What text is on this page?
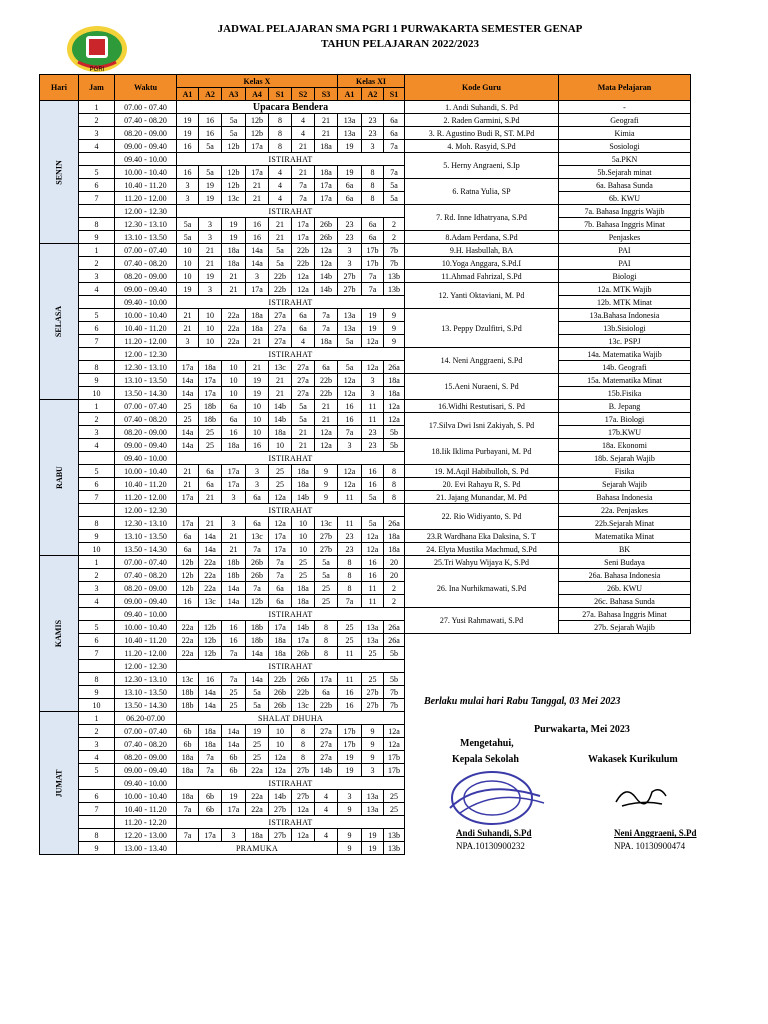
PGRI
JADWAL PELAJARAN SMA PGRI 1 PURWAKARTA SEMESTER GENAP
TAHUN PELAJARAN 2022/2023
Hari	Jam	Waktu	Kelas X							Kelas XI			Kode Guru	Mata Pelajaran
			A1	A2	A3	A4	S1	S2	S3	A1	A2	S1		
SENIN	1	07.00 - 07.40	Upacara Bendera										1. Andi Suhandi, S. Pd	-
	2	07.40 - 08.20	19	16	5a	12b	8	4	21	13a	23	6a	2. Raden Garmini, S.Pd	Geografi
	3	08.20 - 09.00	19	16	5a	12b	8	4	21	13a	23	6a	3. R. Agustino Budi R, ST. M.Pd	Kimia
	4	09.00 - 09.40	16	5a	12b	17a	8	21	18a	19	3	7a	4. Moh. Rasyid, S.Pd	Sosiologi
		09.40 - 10.00	ISTIRAHAT										5. Herny Angraeni, S.Ip	5a.PKN
	5	10.00 - 10.40	16	5a	12b	17a	4	21	18a	19	8	7a		5b.Sejarah minat
	6	10.40 - 11.20	3	19	12b	21	4	7a	17a	6a	8	5a	6. Ratna Yulia, SP	6a. Bahasa Sunda
	7	11.20 - 12.00	3	19	13c	21	4	7a	17a	6a	8	5a		6b. KWU
		12.00 - 12.30	ISTIRAHAT										7. Rd. Inne Idhatryana, S.Pd	7a. Bahasa Inggris Wajib
	8	12.30 - 13.10	5a	3	19	16	21	17a	26b	23	6a	2		7b. Bahasa Inggris Minat
	9	13.10 - 13.50	5a	3	19	16	21	17a	26b	23	6a	2	8.Adam Perdana, S.Pd	Penjaskes
SELASA	1	07.00 - 07.40	10	21	18a	14a	5a	22b	12a	3	17b	7b	9.H. Hasbullah, BA	PAI
	2	07.40 - 08.20	10	21	18a	14a	5a	22b	12a	3	17b	7b	10.Yoga Anggara, S.Pd.I	PAI
	3	08.20 - 09.00	10	19	21	3	22b	12a	14b	27b	7a	13b	11.Ahmad Fahrizal, S.Pd	Biologi
	4	09.00 - 09.40	19	3	21	17a	22b	12a	14b	27b	7a	13b	12. Yanti Oktaviani, M. Pd	12a. MTK Wajib
		09.40 - 10.00	ISTIRAHAT											12b. MTK Minat
	5	10.00 - 10.40	21	10	22a	18a	27a	6a	7a	13a	19	9	13. Peppy Dzulfitri, S.Pd	13a.Bahasa Indonesia
	6	10.40 - 11.20	21	10	22a	18a	27a	6a	7a	13a	19	9		13b.Sisiologi
	7	11.20 - 12.00	3	10	22a	21	27a	4	18a	5a	12a	9		13c. PSPJ
		12.00 - 12.30	ISTIRAHAT										14. Neni Anggraeni, S.Pd	14a. Matematika Wajib
	8	12.30 - 13.10	17a	18a	10	21	13c	27a	6a	5a	12a	26a		14b. Geografi
	9	13.10 - 13.50	14a	17a	10	19	21	27a	22b	12a	3	18a	15.Aeni Nuraeni, S. Pd	15a. Matematika Minat
	10	13.50 - 14.30	14a	17a	10	19	21	27a	22b	12a	3	18a		15b.Fisika
RABU	1	07.00 - 07.40	25	18b	6a	10	14b	5a	21	16	11	12a	16.Widhi Restutisari, S. Pd	B. Jepang
	2	07.40 - 08.20	25	18b	6a	10	14b	5a	21	16	11	12a	17.Silva Dwi Isni Zakiyah, S. Pd	17a. Biologi
	3	08.20 - 09.00	14a	25	16	10	18a	21	12a	7a	23	5b		17b.KWU
	4	09.00 - 09.40	14a	25	18a	16	10	21	12a	3	23	5b	18.Iik Iklima Purbayani, M. Pd	18a. Ekonomi
		09.40 - 10.00	ISTIRAHAT											18b. Sejarah Wajib
	5	10.00 - 10.40	21	6a	17a	3	25	18a	9	12a	16	8	19. M.Aqil Habibulloh, S. Pd	Fisika
	6	10.40 - 11.20	21	6a	17a	3	25	18a	9	12a	16	8	20. Evi Rahayu R, S. Pd	Sejarah Wajib
	7	11.20 - 12.00	17a	21	3	6a	12a	14b	9	11	5a	8	21. Jajang Munandar, M. Pd	Bahasa Indonesia
		12.00 - 12.30	ISTIRAHAT										22. Rio Widiyanto, S. Pd	22a. Penjaskes
	8	12.30 - 13.10	17a	21	3	6a	12a	10	13c	11	5a	26a		22b.Sejarah Minat
	9	13.10 - 13.50	6a	14a	21	13c	17a	10	27b	23	12a	18a	23.R Wardhana Eka Daksina, S. T	Matematika Minat
	10	13.50 - 14.30	6a	14a	21	7a	17a	10	27b	23	12a	18a	24. Elyta Mustika Machmud, S.Pd	BK
KAMIS	1	07.00 - 07.40	12b	22a	18b	26b	7a	25	5a	8	16	20	25.Tri Wahyu Wijaya K, S.Pd	Seni Budaya
	2	07.40 - 08.20	12b	22a	18b	26b	7a	25	5a	8	16	20	26. Ina Nurhikmawati, S.Pd	26a. Bahasa Indonesia
	3	08.20 - 09.00	12b	22a	14a	7a	6a	18a	25	8	11	2		26b. KWU
	4	09.00 - 09.40	16	13c	14a	12b	6a	18a	25	7a	11	2		26c. Bahasa Sunda
		09.40 - 10.00	ISTIRAHAT										27. Yusi Rahmawati, S.Pd	27a. Bahasa Inggris Minat
	5	10.00 - 10.40	22a	12b	16	18b	17a	14b	8	25	13a	26a		27b. Sejarah Wajib
	6	10.40 - 11.20	22a	12b	16	18b	18a	17a	8	25	13a	26a		
	7	11.20 - 12.00	22a	12b	7a	14a	18a	26b	8	11	25	5b		
		12.00 - 12.30	ISTIRAHAT											
	8	12.30 - 13.10	13c	16	7a	14a	22b	26b	17a	11	25	5b		
	9	13.10 - 13.50	18b	14a	25	5a	26b	22b	6a	16	27b	7b		
	10	13.50 - 14.30	18b	14a	25	5a	26b	13c	22b	16	27b	7b		
JUMAT	1	06.20-07.00	SHALAT DHUHA											
	2	07.00 - 07.40	6b	18a	14a	19	10	8	27a	17b	9	12a		
	3	07.40 - 08.20	6b	18a	14a	25	10	8	27a	17b	9	12a		
	4	08.20 - 09.00	18a	7a	6b	25	12a	8	27a	19	9	17b		
	5	09.00 - 09.40	18a	7a	6b	22a	12a	27b	14b	19	3	17b		
		09.40 - 10.00	ISTIRAHAT											
	6	10.00 - 10.40	18a	6b	19	22a	14b	27b	4	3	13a	25		
	7	10.40 - 11.20	7a	6b	17a	22a	27b	12a	4	9	13a	25		
		11.20 - 12.20	ISTIRAHAT											
	8	12.20 - 13.00	7a	17a	3	18a	27b	12a	4	9	19	13b		
	9	13.00 - 13.40	PRAMUKA							9	19	13b		
Berlaku mulai hari Rabu Tanggal, 03 Mei 2023
Purwakarta, Mei 2023
Mengetahui,
Kepala Sekolah	Wakasek Kurikulum
Andi Suhandi, S.Pd
NPA.10130900232
Neni Anggraeni, S.Pd
NPA. 10130900474
